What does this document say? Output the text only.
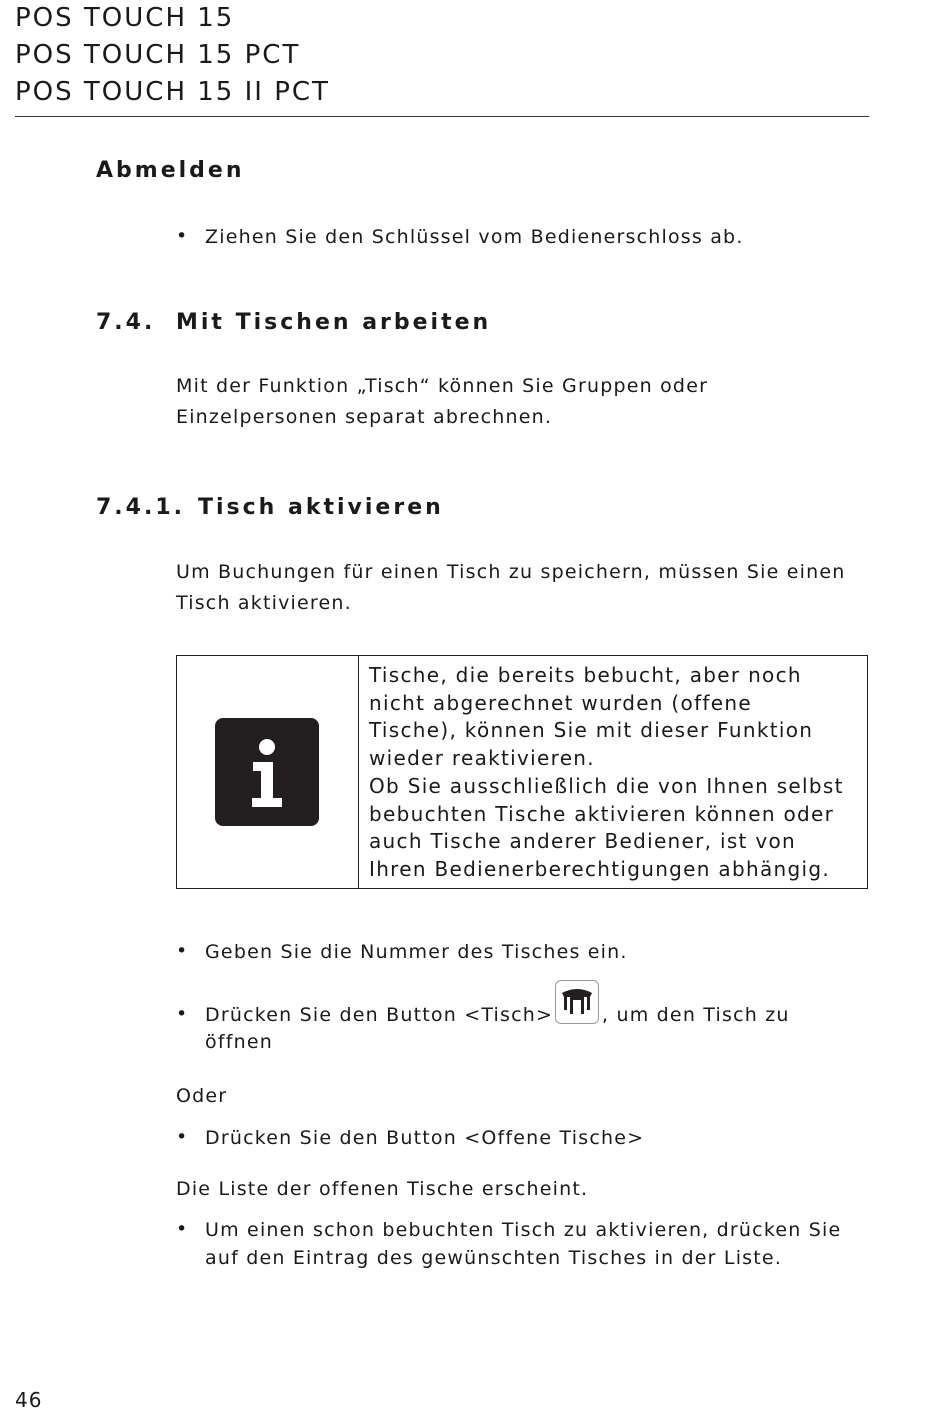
POS TOUCH 15
POS TOUCH 15 PCT
POS TOUCH 15 II PCT
Abmelden
• Ziehen Sie den Schlüssel vom Bedienerschloss ab.
7.4. Mit Tischen arbeiten
Mit der Funktion „Tisch“ können Sie Gruppen oder
Einzelpersonen separat abrechnen.
7.4.1. Tisch aktivieren
Um Buchungen für einen Tisch zu speichern, müssen Sie einen
Tisch aktivieren.
Tische, die bereits bebucht, aber noch
nicht abgerechnet wurden (offene
Tische), können Sie mit dieser Funktion
wieder reaktivieren.
Ob Sie ausschließlich die von Ihnen selbst
bebuchten Tische aktivieren können oder
auch Tische anderer Bediener, ist von
Ihren Bedienerberechtigungen abhängig.
• Geben Sie die Nummer des Tisches ein.
• Drücken Sie den Button <Tisch>	, um den Tisch zu
öffnen
Oder
• Drücken Sie den Button <Offene Tische>
Die Liste der offenen Tische erscheint.
• Um einen schon bebuchten Tisch zu aktivieren, drücken Sie
auf den Eintrag des gewünschten Tisches in der Liste.
46
